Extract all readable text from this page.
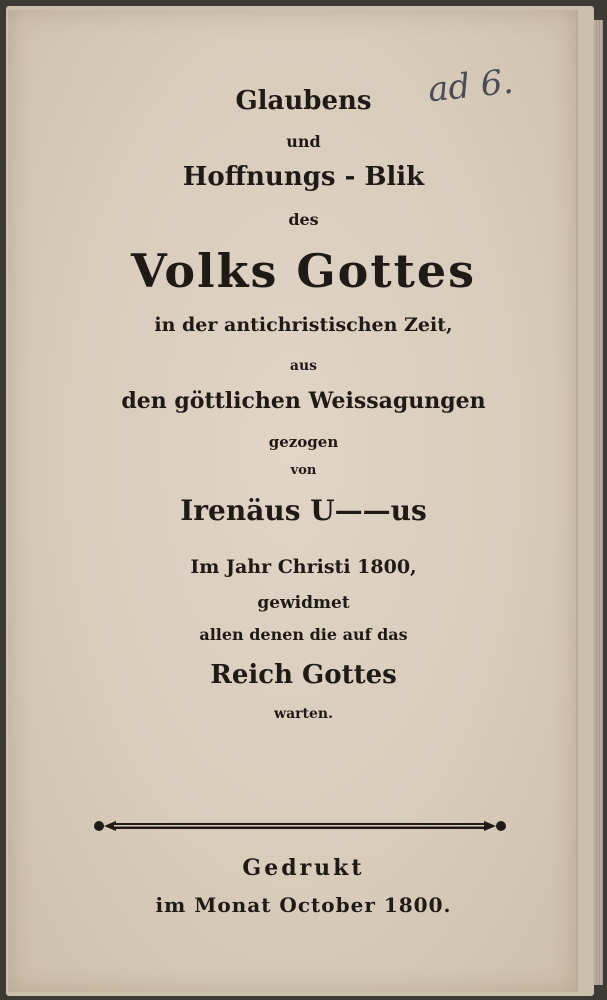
ad 6.
Glaubens
und
Hoffnungs - Blik
des
Volks Gottes
in der antichristischen Zeit,
aus
den göttlichen Weissagungen
gezogen
von
Irenäus U——us
Im Jahr Christi 1800,
gewidmet
allen denen die auf das
Reich Gottes
warten.
Gedrukt
im Monat October 1800.
